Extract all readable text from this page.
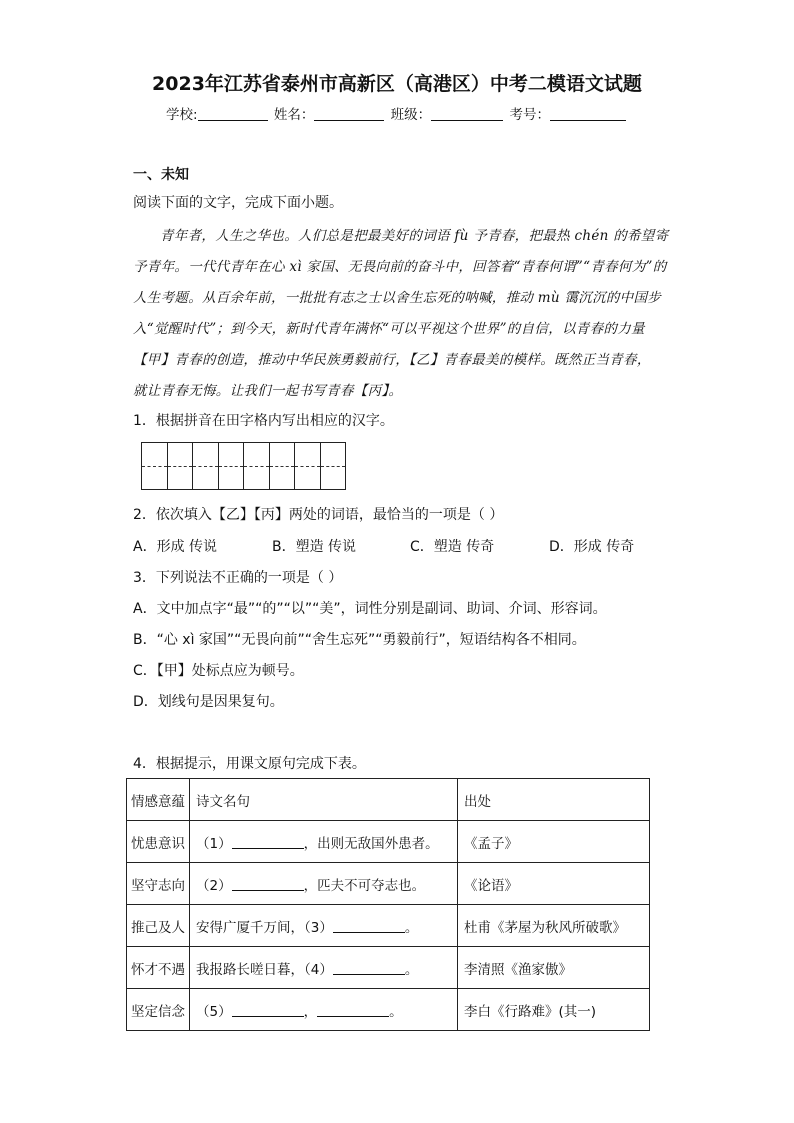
2023年江苏省泰州市高新区（高港区）中考二模语文试题
学校:	姓名：	班级：	考号：
一、未知
阅读下面的文字，完成下面小题。
青年者，人生之华也。人们总是把最美好的词语 fù 予青春，把最热 chén 的希望寄
予青年。一代代青年在心 xì 家国、无畏向前的奋斗中，回答着“青春何谓”“青春何为”的
人生考题。从百余年前，一批批有志之士以舍生忘死的呐喊，推动 mù 霭沉沉的中国步
入“觉醒时代”；到今天，新时代青年满怀“可以平视这个世界”的自信，以青春的力量
【甲】青春的创造，推动中华民族勇毅前行，【乙】青春最美的模样。既然正当青春，
就让青春无悔。让我们一起书写青春【丙】。
1．根据拼音在田字格内写出相应的汉字。
2．依次填入【乙】【丙】两处的词语，最恰当的一项是（ ）
A．形成 传说	B．塑造 传说	C．塑造 传奇	D．形成 传奇
3．下列说法不正确的一项是（ ）
A．文中加点字“最”“的”“以”“美”，词性分别是副词、助词、介词、形容词。
B．“心 xì 家国”“无畏向前”“舍生忘死”“勇毅前行”，短语结构各不相同。
C．【甲】处标点应为顿号。
D．划线句是因果复句。
4．根据提示，用课文原句完成下表。
情感意蕴	诗文名句	出处
忧患意识	（1） ，出则无敌国外患者。	《孟子》
坚守志向	（2） ，匹夫不可夺志也。	《论语》
推己及人	安得广厦千万间，（3） 。	杜甫《茅屋为秋风所破歌》
怀才不遇	我报路长嗟日暮，（4） 。	李清照《渔家傲》
坚定信念	（5） ， 。	李白《行路难》(其一)
